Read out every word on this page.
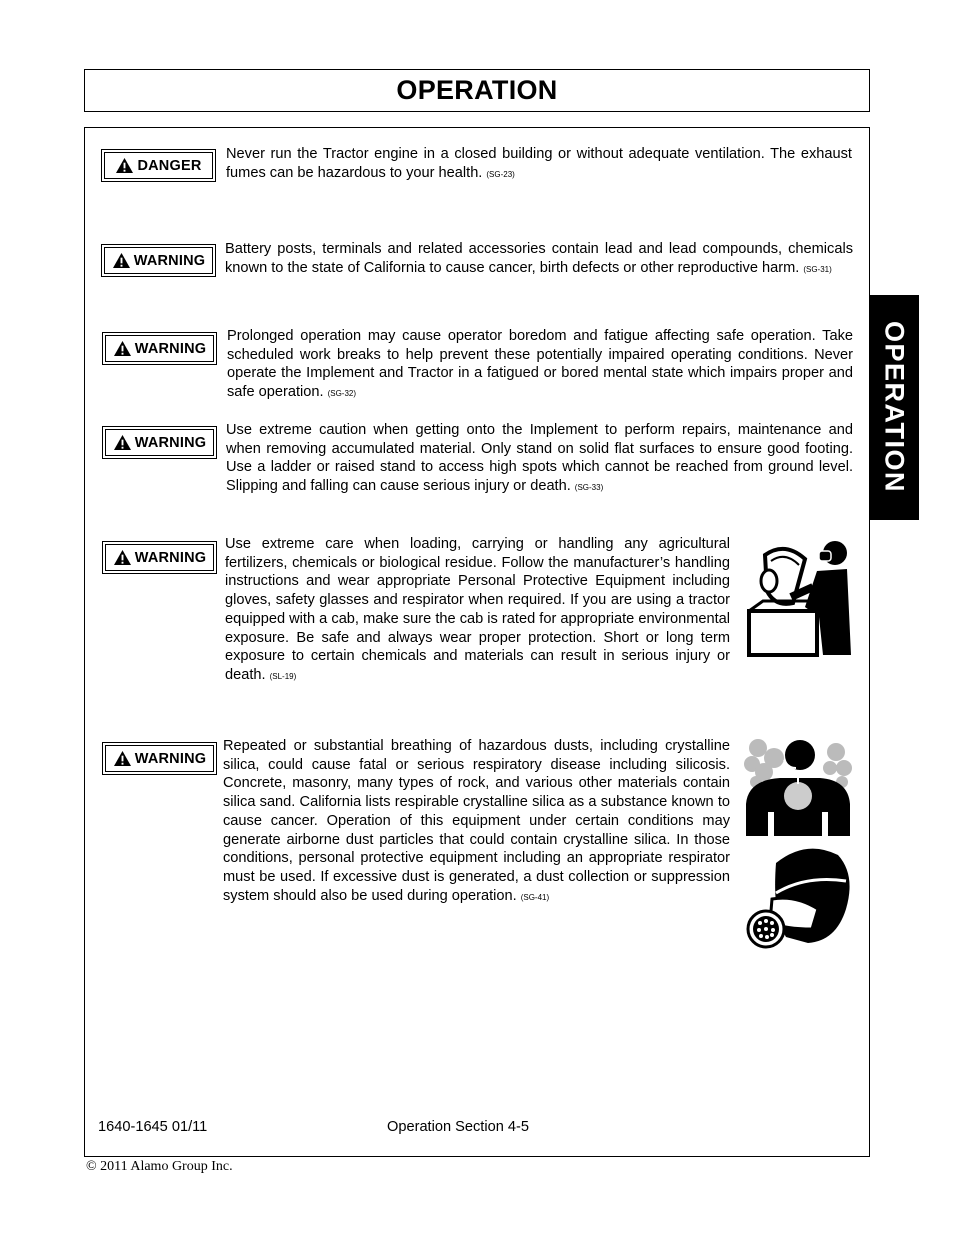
OPERATION
OPERATION
DANGER
Never run the Tractor engine in a closed building or without adequate ventilation. The exhaust fumes can be hazardous to your health. (SG-23)
WARNING
Battery posts, terminals and related accessories contain lead and lead compounds, chemicals known to the state of California to cause cancer, birth defects or other reproductive harm. (SG-31)
WARNING
Prolonged operation may cause operator boredom and fatigue affecting safe operation. Take scheduled work breaks to help prevent these potentially impaired operating conditions. Never operate the Implement and Tractor in a fatigued or bored mental state which impairs proper and safe operation. (SG-32)
WARNING
Use extreme caution when getting onto the Implement to perform repairs, maintenance and when removing accumulated material. Only stand on solid flat surfaces to ensure good footing. Use a ladder or raised stand to access high spots which cannot be reached from ground level. Slipping and falling can cause serious injury or death. (SG-33)
WARNING
Use extreme care when loading, carrying or handling any agricultural fertilizers, chemicals or biological residue. Follow the manufacturer’s handling instructions and wear appropriate Personal Protective Equipment including gloves, safety glasses and respirator when required. If you are using a tractor equipped with a cab, make sure the cab is rated for appropriate environmental exposure. Be safe and always wear proper protection. Short or long term exposure to certain chemicals and materials can result in serious injury or death. (SL-19)
WARNING
Repeated or substantial breathing of hazardous dusts, including crystalline silica, could cause fatal or serious respiratory disease including silicosis. Concrete, masonry, many types of rock, and various other materials contain silica sand. California lists respirable crystalline silica as a substance known to cause cancer. Operation of this equipment under certain conditions may generate airborne dust particles that could contain crystalline silica. In those conditions, personal protective equipment including an appropriate respirator must be used. If excessive dust is generated, a dust collection or suppression system should also be used during operation. (SG-41)
1640-1645 01/11	Operation Section 4-5
© 2011 Alamo Group Inc.
